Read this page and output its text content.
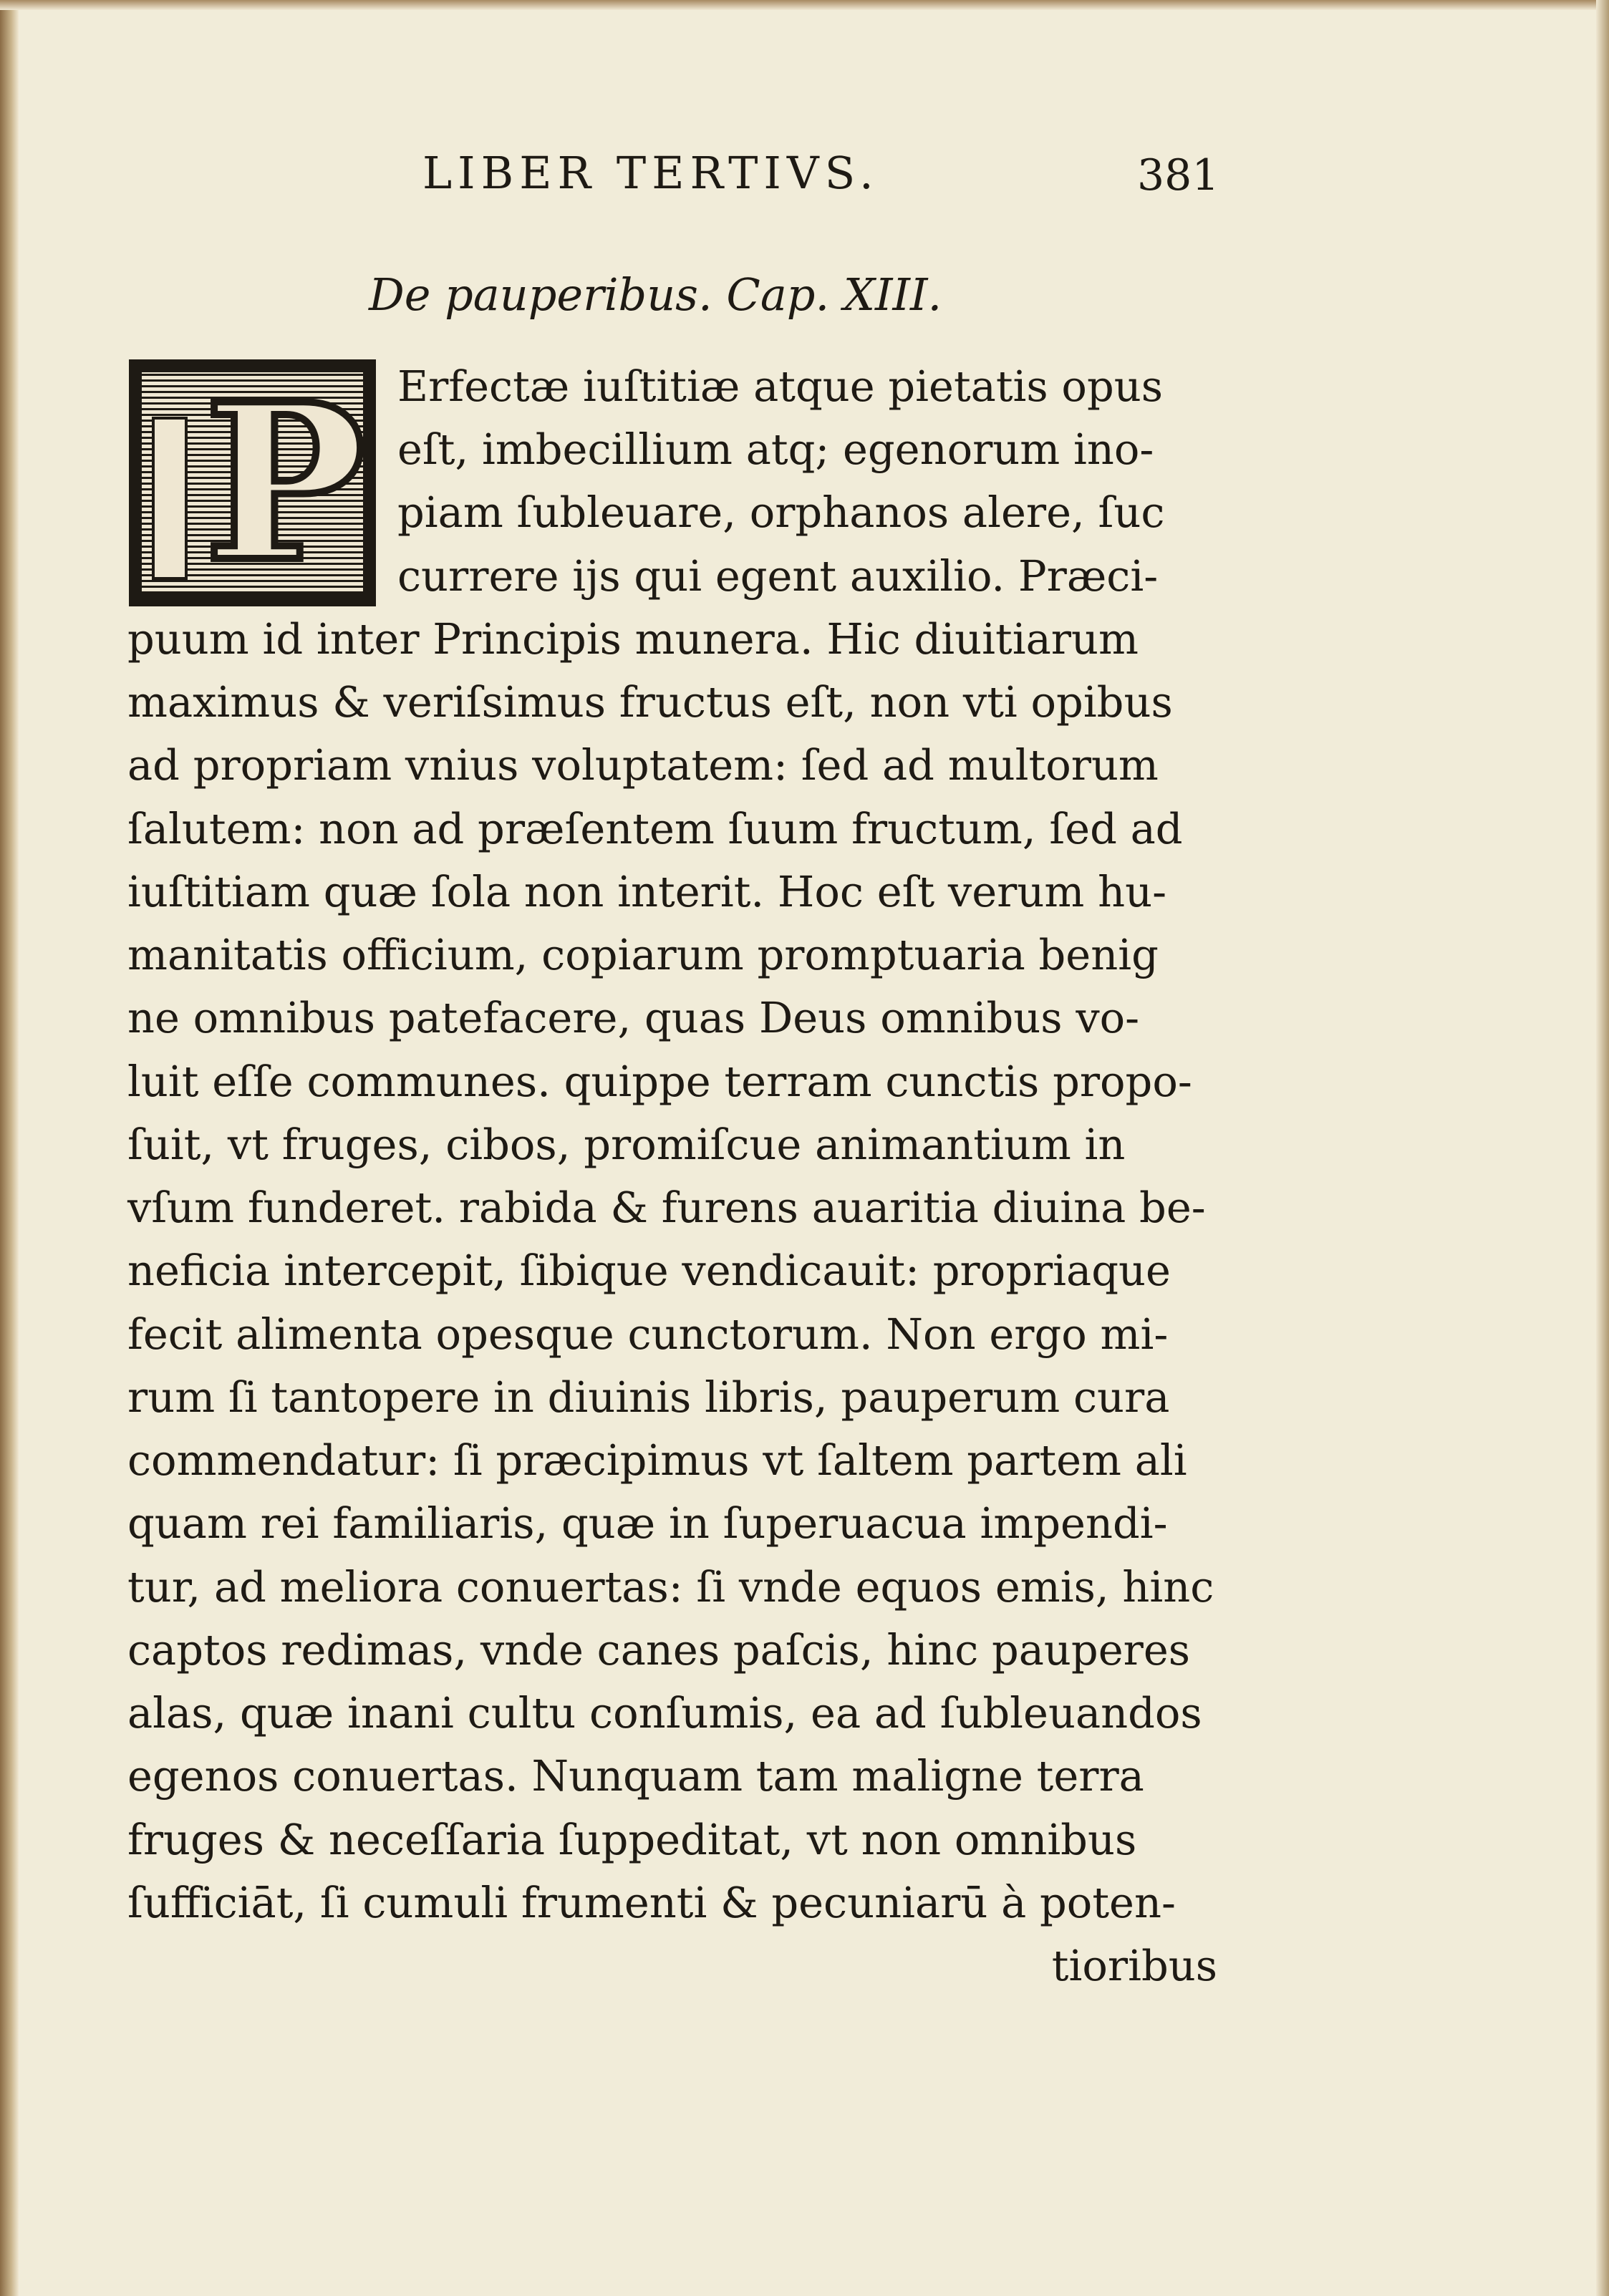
LIBER TERTIVS.	381
De pauperibus. Cap. XIII.
P Erfectæ iuſtitiæ atque pietatis opus
eſt, imbecillium atq; egenorum ino-
piam ſubleuare, orphanos alere, ſuc
currere ijs qui egent auxilio. Præci-
puum id inter Principis munera. Hic diuitiarum
maximus & veriſsimus fructus eſt, non vti opibus
ad propriam vnius voluptatem: ſed ad multorum
ſalutem: non ad præſentem ſuum fructum, ſed ad
iuſtitiam quæ ſola non interit. Hoc eſt verum hu-
manitatis officium, copiarum promptuaria benig
ne omnibus patefacere, quas Deus omnibus vo-
luit eſſe communes. quippe terram cunctis propo-
ſuit, vt fruges, cibos, promiſcue animantium in
vſum funderet. rabida & furens auaritia diuina be-
neficia intercepit, ſibique vendicauit: propriaque
fecit alimenta opesque cunctorum. Non ergo mi-
rum ſi tantopere in diuinis libris, pauperum cura
commendatur: ſi præcipimus vt ſaltem partem ali
quam rei familiaris, quæ in ſuperuacua impendi-
tur, ad meliora conuertas: ſi vnde equos emis, hinc
captos redimas, vnde canes paſcis, hinc pauperes
alas, quæ inani cultu conſumis, ea ad ſubleuandos
egenos conuertas. Nunquam tam maligne terra
fruges & neceſſaria ſuppeditat, vt non omnibus
ſufficiāt, ſi cumuli frumenti & pecuniarū à poten-
tioribus
